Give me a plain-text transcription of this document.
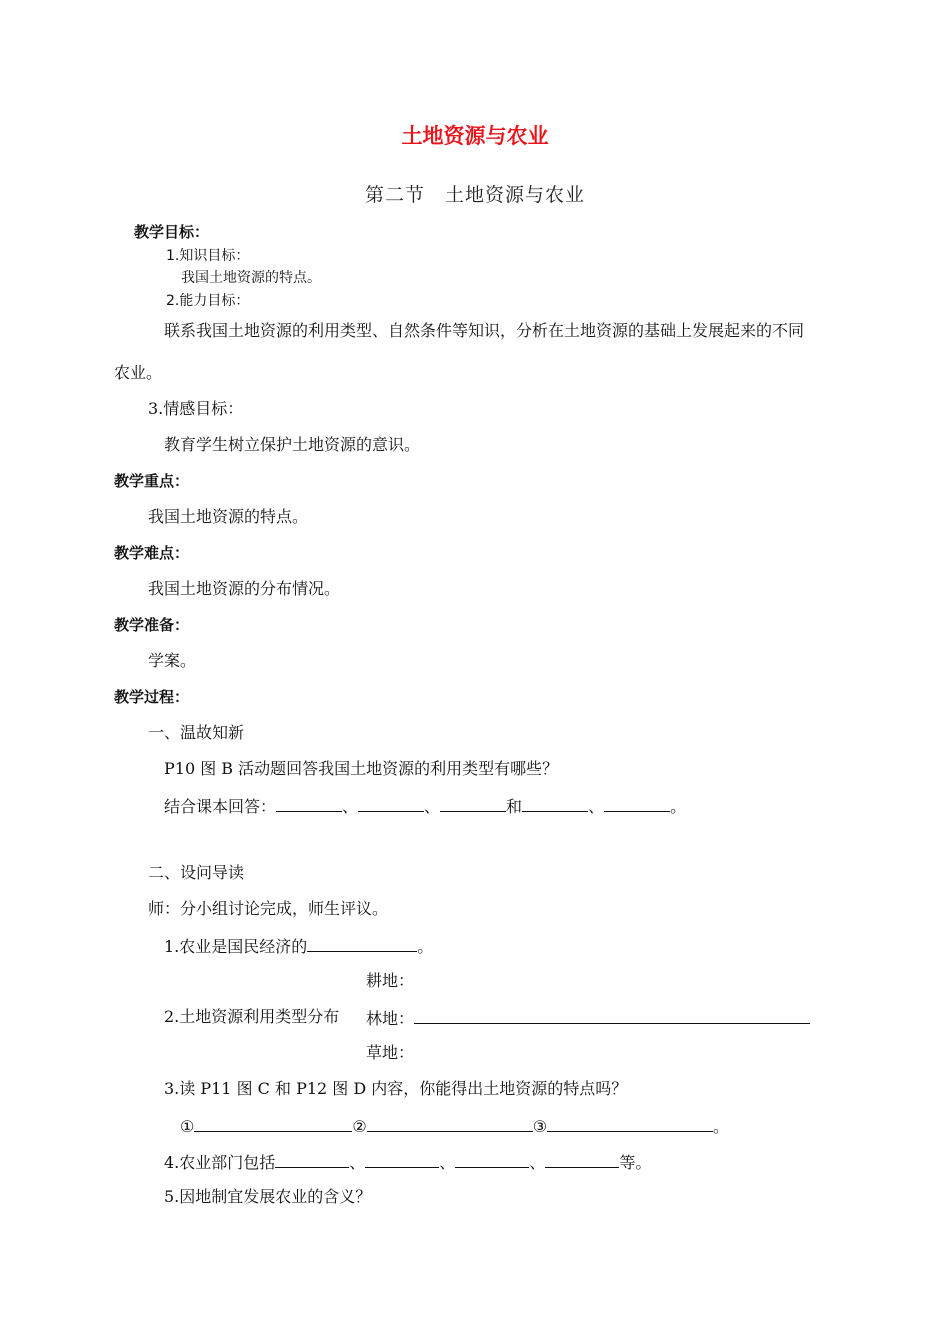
土地资源与农业
第二节　土地资源与农业
教学目标：
1.知识目标：
我国土地资源的特点。
2.能力目标：
联系我国土地资源的利用类型、自然条件等知识，分析在土地资源的基础上发展起来的不同
农业。
3.情感目标：
教育学生树立保护土地资源的意识。
教学重点：
我国土地资源的特点。
教学难点：
我国土地资源的分布情况。
教学准备：
学案。
教学过程：
一、温故知新
P10 图 B 活动题回答我国土地资源的利用类型有哪些？
结合课本回答：	、	、	和	、	。
二、设问导读
师：分小组讨论完成，师生评议。
1.农业是国民经济的	。
耕地：
2.土地资源利用类型分布 林地：
草地：
3.读 P11 图 C 和 P12 图 D 内容，你能得出土地资源的特点吗？
①	②	③	。
4.农业部门包括	、	、	、	等。
5.因地制宜发展农业的含义？
